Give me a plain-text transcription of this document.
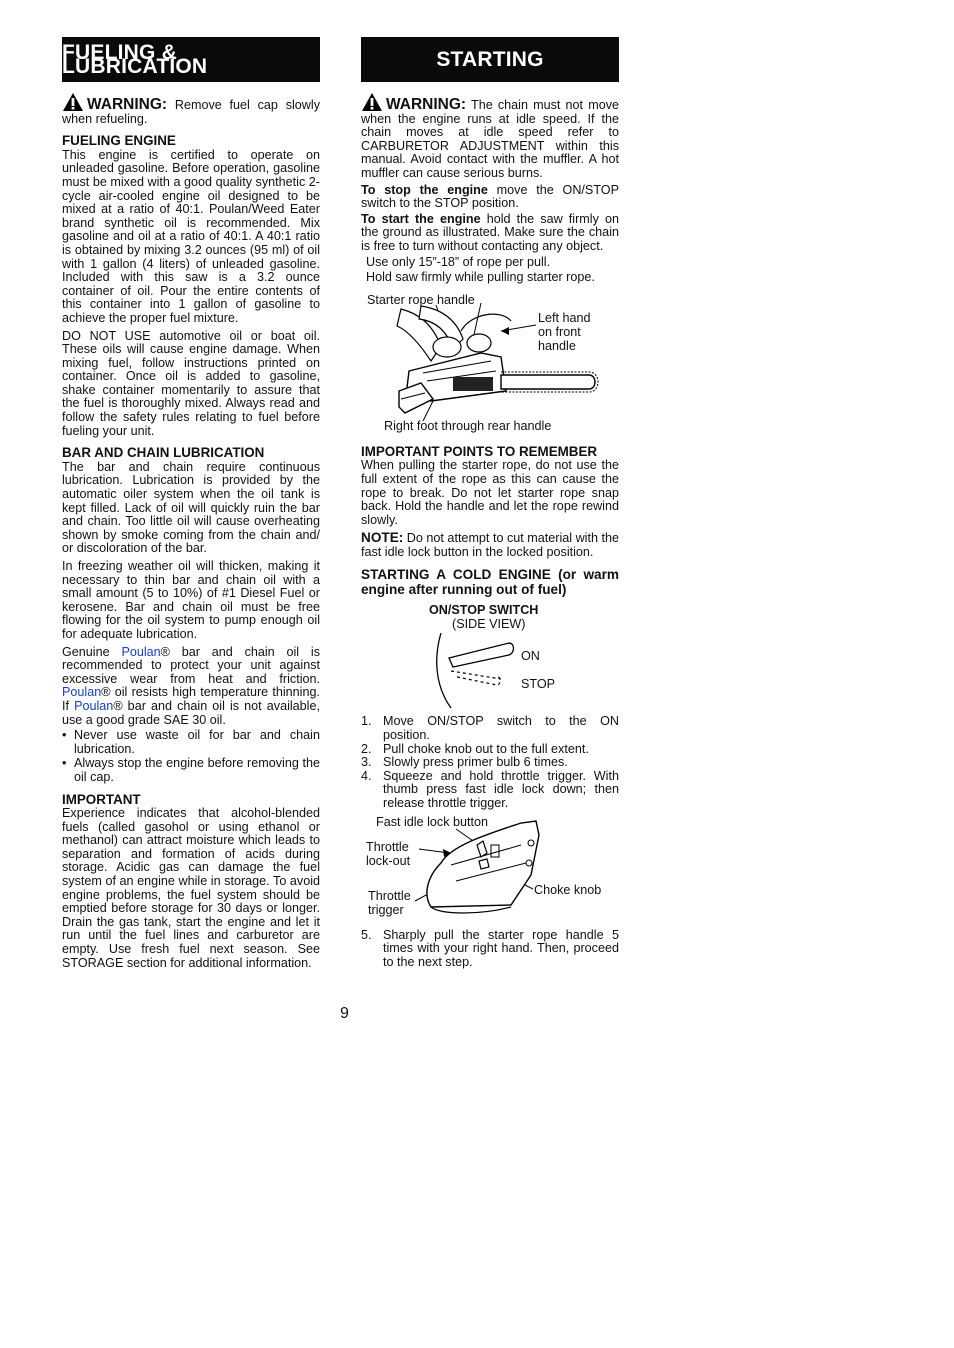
FUELING & LUBRICATION

WARNING: Remove fuel cap slowly when refueling.

FUELING ENGINE

This engine is certified to operate on unleaded gasoline. Before operation, gasoline must be mixed with a good quality synthetic 2-cycle air-cooled engine oil designed to be mixed at a ratio of 40:1. Poulan/Weed Eater brand synthetic oil is recommended. Mix gasoline and oil at a ratio of 40:1. A 40:1 ratio is obtained by mixing 3.2 ounces (95 ml) of oil with 1 gallon (4 liters) of unleaded gasoline. Included with this saw is a 3.2 ounce container of oil. Pour the entire contents of this container into 1 gallon of gasoline to achieve the proper fuel mixture.

DO NOT USE automotive oil or boat oil. These oils will cause engine damage. When mixing fuel, follow instructions printed on container. Once oil is added to gasoline, shake container momentarily to assure that the fuel is thoroughly mixed. Always read and follow the safety rules relating to fuel before fueling your unit.

BAR AND CHAIN LUBRICATION

The bar and chain require continuous lubrication. Lubrication is provided by the automatic oiler system when the oil tank is kept filled. Lack of oil will quickly ruin the bar and chain. Too little oil will cause overheating shown by smoke coming from the chain and/ or discoloration of the bar.

In freezing weather oil will thicken, making it necessary to thin bar and chain oil with a small amount (5 to 10%) of #1 Diesel Fuel or kerosene. Bar and chain oil must be free flowing for the oil system to pump enough oil for adequate lubrication.

Genuine Poulan® bar and chain oil is recommended to protect your unit against excessive wear from heat and friction. Poulan® oil resists high temperature thinning. If Poulan® bar and chain oil is not available, use a good grade SAE 30 oil.

• Never use waste oil for bar and chain lubrication.
• Always stop the engine before removing the oil cap.
IMPORTANT

Experience indicates that alcohol-blended fuels (called gasohol or using ethanol or methanol) can attract moisture which leads to separation and formation of acids during storage. Acidic gas can damage the fuel system of an engine while in storage. To avoid engine problems, the fuel system should be emptied before storage for 30 days or longer. Drain the gas tank, start the engine and let it run until the fuel lines and carburetor are empty. Use fresh fuel next season. See STORAGE section for additional information.

STARTING

WARNING: The chain must not move when the engine runs at idle speed. If the chain moves at idle speed refer to CARBURETOR ADJUSTMENT within this manual. Avoid contact with the muffler. A hot muffler can cause serious burns.

To stop the engine move the ON/STOP switch to the STOP position.

To start the engine hold the saw firmly on the ground as illustrated. Make sure the chain is free to turn without contacting any object.

Use only 15”-18” of rope per pull.

Hold saw firmly while pulling starter rope.

Starter rope handle
Left hand
on front
handle
Right foot through rear handle
IMPORTANT POINTS TO REMEMBER

When pulling the starter rope, do not use the full extent of the rope as this can cause the rope to break. Do not let starter rope snap back. Hold the handle and let the rope rewind slowly.

NOTE: Do not attempt to cut material with the fast idle lock button in the locked position.

STARTING A COLD ENGINE (or warm engine after running out of fuel)
ON/STOP SWITCH
(SIDE VIEW)
ON
STOP
1. Move ON/STOP switch to the ON position.
2. Pull choke knob out to the full extent.
3. Slowly press primer bulb 6 times.
4. Squeeze and hold throttle trigger. With thumb press fast idle lock down; then release throttle trigger.
Fast idle lock button
Throttle
lock-out
Throttle
trigger
Choke knob
5. Sharply pull the starter rope handle 5 times with your right hand. Then, proceed to the next step.
9
